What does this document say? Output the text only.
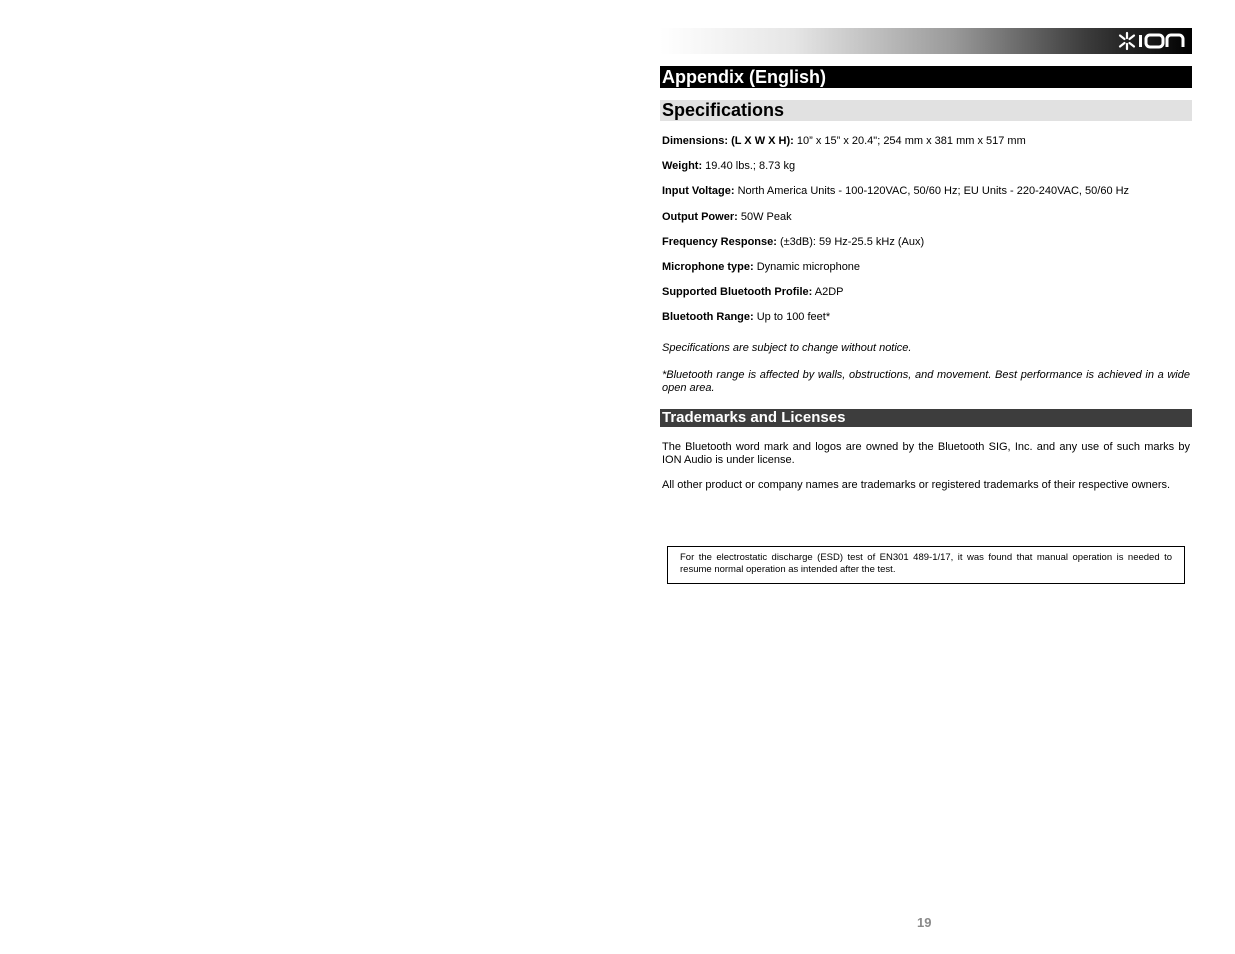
Appendix (English)
Specifications
Dimensions: (L X W X H): 10” x 15” x 20.4"; 254 mm x 381 mm x 517 mm
Weight: 19.40 lbs.; 8.73 kg
Input Voltage: North America Units - 100-120VAC, 50/60 Hz; EU Units - 220-240VAC, 50/60 Hz
Output Power: 50W Peak
Frequency Response: (±3dB): 59 Hz-25.5 kHz (Aux)
Microphone type: Dynamic microphone
Supported Bluetooth Profile: A2DP
Bluetooth Range: Up to 100 feet*
Specifications are subject to change without notice.
*Bluetooth range is affected by walls, obstructions, and movement. Best performance is achieved in a wide open area.
Trademarks and Licenses
The Bluetooth word mark and logos are owned by the Bluetooth SIG, Inc. and any use of such marks by ION Audio is under license.
All other product or company names are trademarks or registered trademarks of their respective owners.
For the electrostatic discharge (ESD) test of EN301 489-1/17, it was found that manual operation is needed to resume normal operation as intended after the test.
19
